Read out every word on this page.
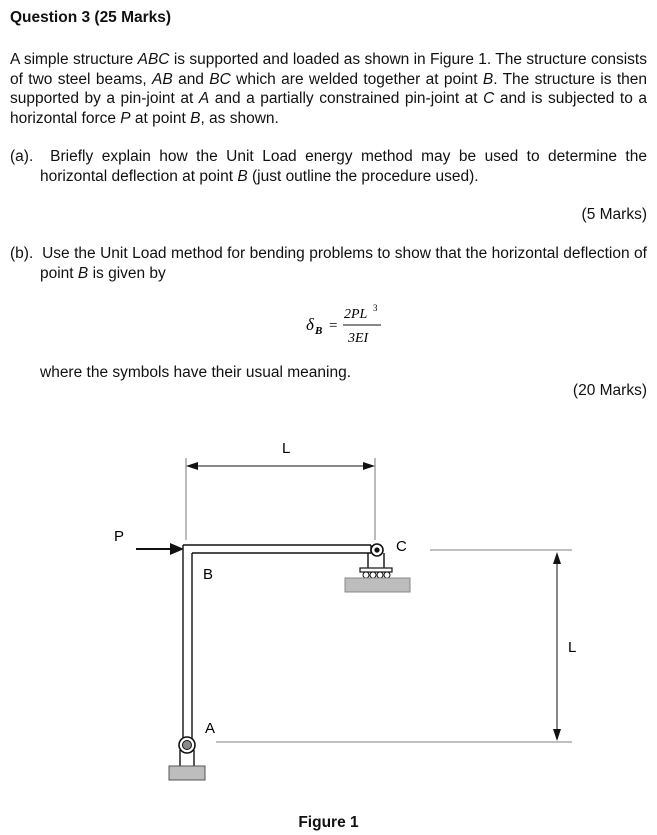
Question 3 (25 Marks)
A simple structure ABC is supported and loaded as shown in Figure 1. The structure consists of two steel beams, AB and BC which are welded together at point B. The structure is then supported by a pin-joint at A and a partially constrained pin-joint at C and is subjected to a horizontal force P at point B, as shown.
(a). Briefly explain how the Unit Load energy method may be used to determine the horizontal deflection at point B (just outline the procedure used).
(5 Marks)
(b). Use the Unit Load method for bending problems to show that the horizontal deflection of point B is given by
δ B =
2PL 3
3EI
where the symbols have their usual meaning.
(20 Marks)
L
L
P
B
A
C
Figure 1
